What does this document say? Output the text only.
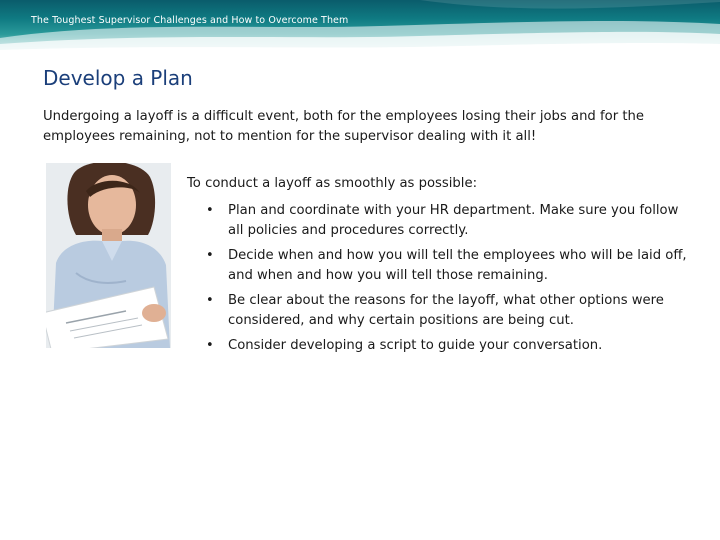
The Toughest Supervisor Challenges and How to Overcome Them
Develop a Plan
Undergoing a layoff is a difficult event, both for the employees losing their jobs and for the employees remaining, not to mention for the supervisor dealing with it all!
To conduct a layoff as smoothly as possible:
• Plan and coordinate with your HR department. Make sure you follow all policies and procedures correctly.
• Decide when and how you will tell the employees who will be laid off, and when and how you will tell those remaining.
• Be clear about the reasons for the layoff, what other options were considered, and why certain positions are being cut.
• Consider developing a script to guide your conversation.
